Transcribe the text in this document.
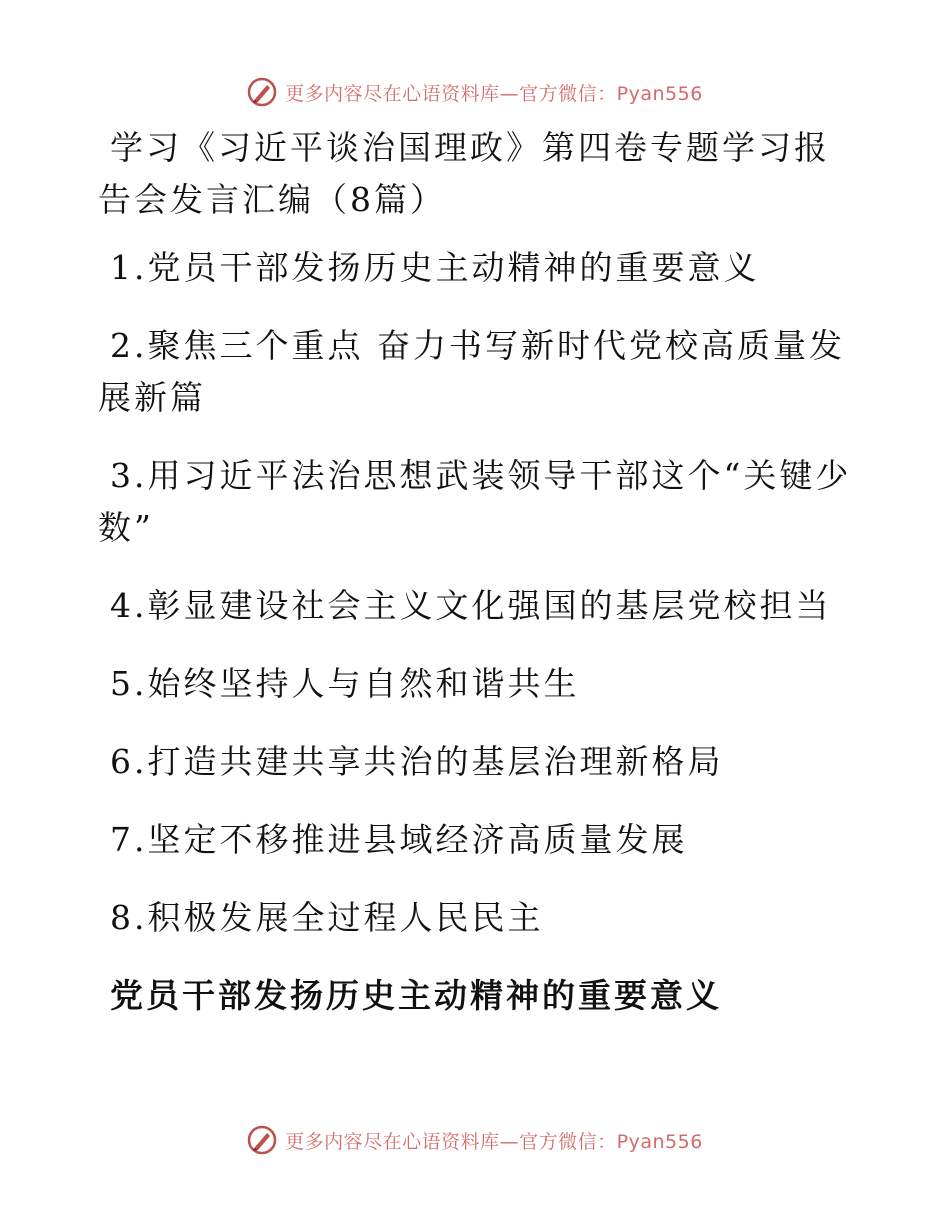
更多内容尽在心语资料库—官方微信：Pyan556
学习《习近平谈治国理政》第四卷专题学习报告会发言汇编（8篇）

1.党员干部发扬历史主动精神的重要意义

2.聚焦三个重点 奋力书写新时代党校高质量发展新篇

3.用习近平法治思想武装领导干部这个“关键少数”

4.彰显建设社会主义文化强国的基层党校担当

5.始终坚持人与自然和谐共生

6.打造共建共享共治的基层治理新格局

7.坚定不移推进县域经济高质量发展

8.积极发展全过程人民民主

党员干部发扬历史主动精神的重要意义
更多内容尽在心语资料库—官方微信：Pyan556
